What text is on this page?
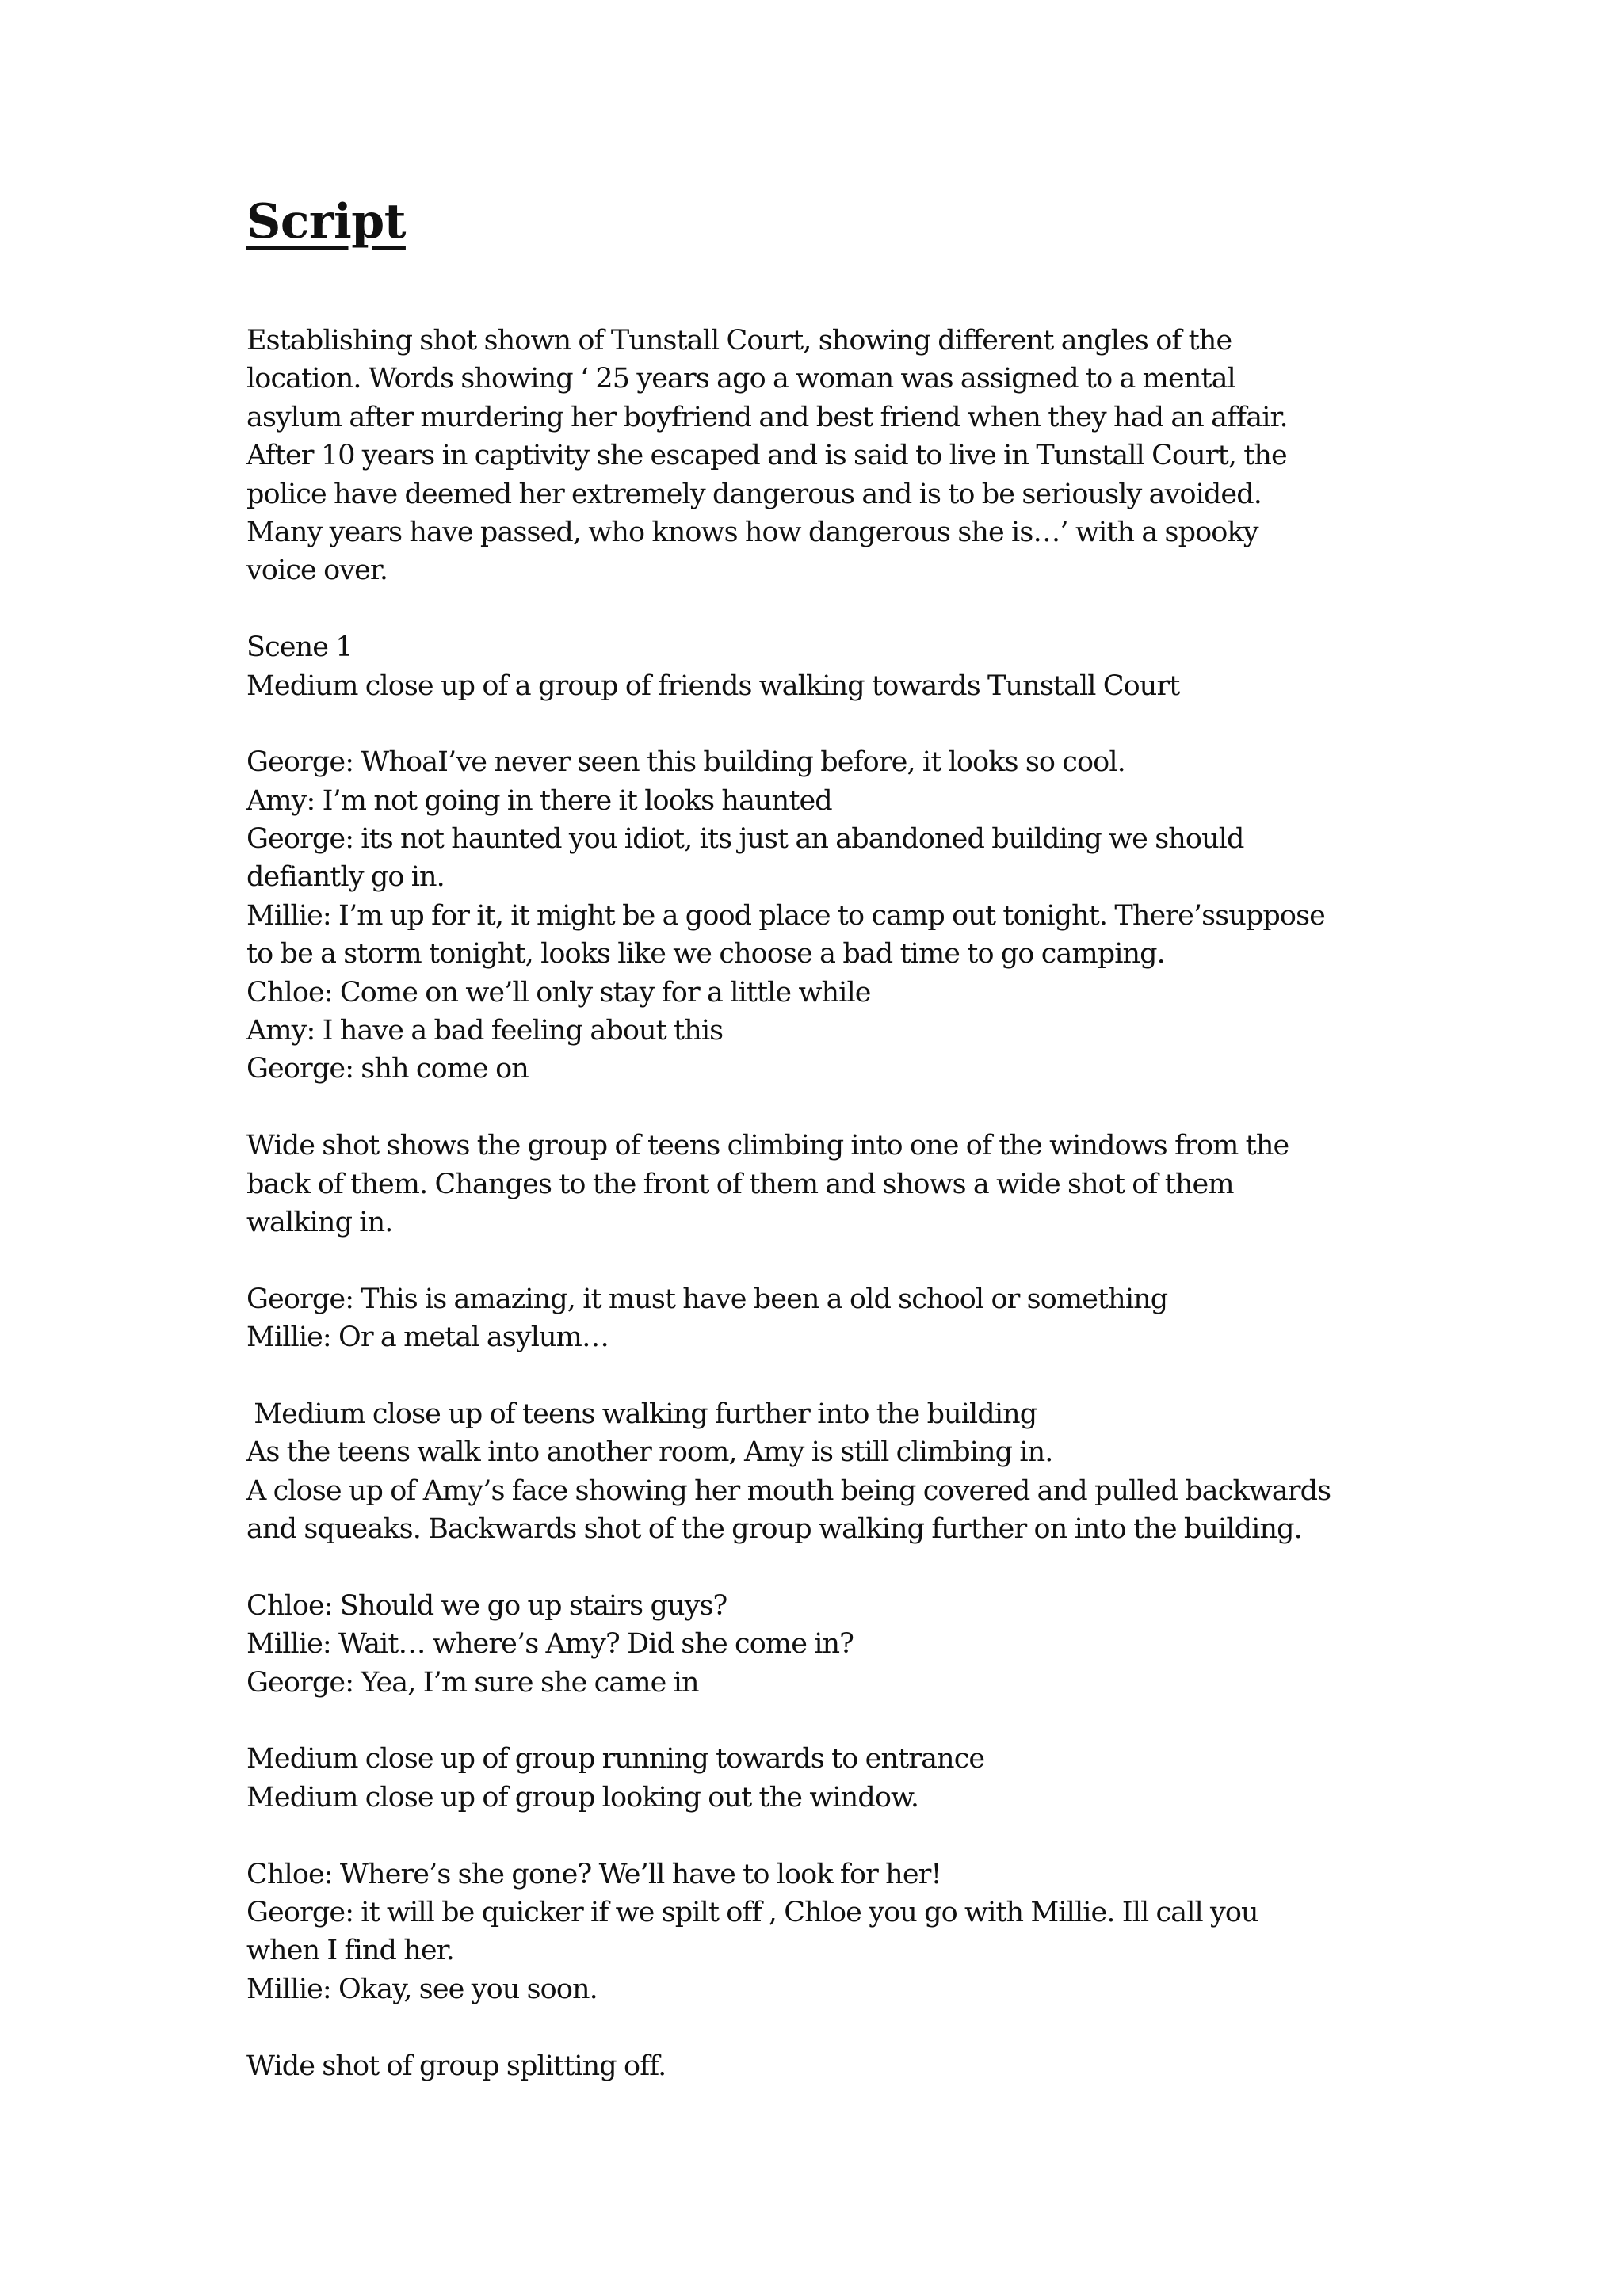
Script
Establishing shot shown of Tunstall Court, showing different angles of the
location. Words showing ‘ 25 years ago a woman was assigned to a mental
asylum after murdering her boyfriend and best friend when they had an affair.
After 10 years in captivity she escaped and is said to live in Tunstall Court, the
police have deemed her extremely dangerous and is to be seriously avoided.
Many years have passed, who knows how dangerous she is…’ with a spooky
voice over.
Scene 1
Medium close up of a group of friends walking towards Tunstall Court
George: WhoaI’ve never seen this building before, it looks so cool.
Amy: I’m not going in there it looks haunted
George: its not haunted you idiot, its just an abandoned building we should
defiantly go in.
Millie: I’m up for it, it might be a good place to camp out tonight. There’ssuppose
to be a storm tonight, looks like we choose a bad time to go camping.
Chloe: Come on we’ll only stay for a little while
Amy: I have a bad feeling about this
George: shh come on
Wide shot shows the group of teens climbing into one of the windows from the
back of them. Changes to the front of them and shows a wide shot of them
walking in.
George: This is amazing, it must have been a old school or something
Millie: Or a metal asylum…
Medium close up of teens walking further into the building
As the teens walk into another room, Amy is still climbing in.
A close up of Amy’s face showing her mouth being covered and pulled backwards
and squeaks. Backwards shot of the group walking further on into the building.
Chloe: Should we go up stairs guys?
Millie: Wait… where’s Amy? Did she come in?
George: Yea, I’m sure she came in
Medium close up of group running towards to entrance
Medium close up of group looking out the window.
Chloe: Where’s she gone? We’ll have to look for her!
George: it will be quicker if we spilt off , Chloe you go with Millie. Ill call you
when I find her.
Millie: Okay, see you soon.
Wide shot of group splitting off.
